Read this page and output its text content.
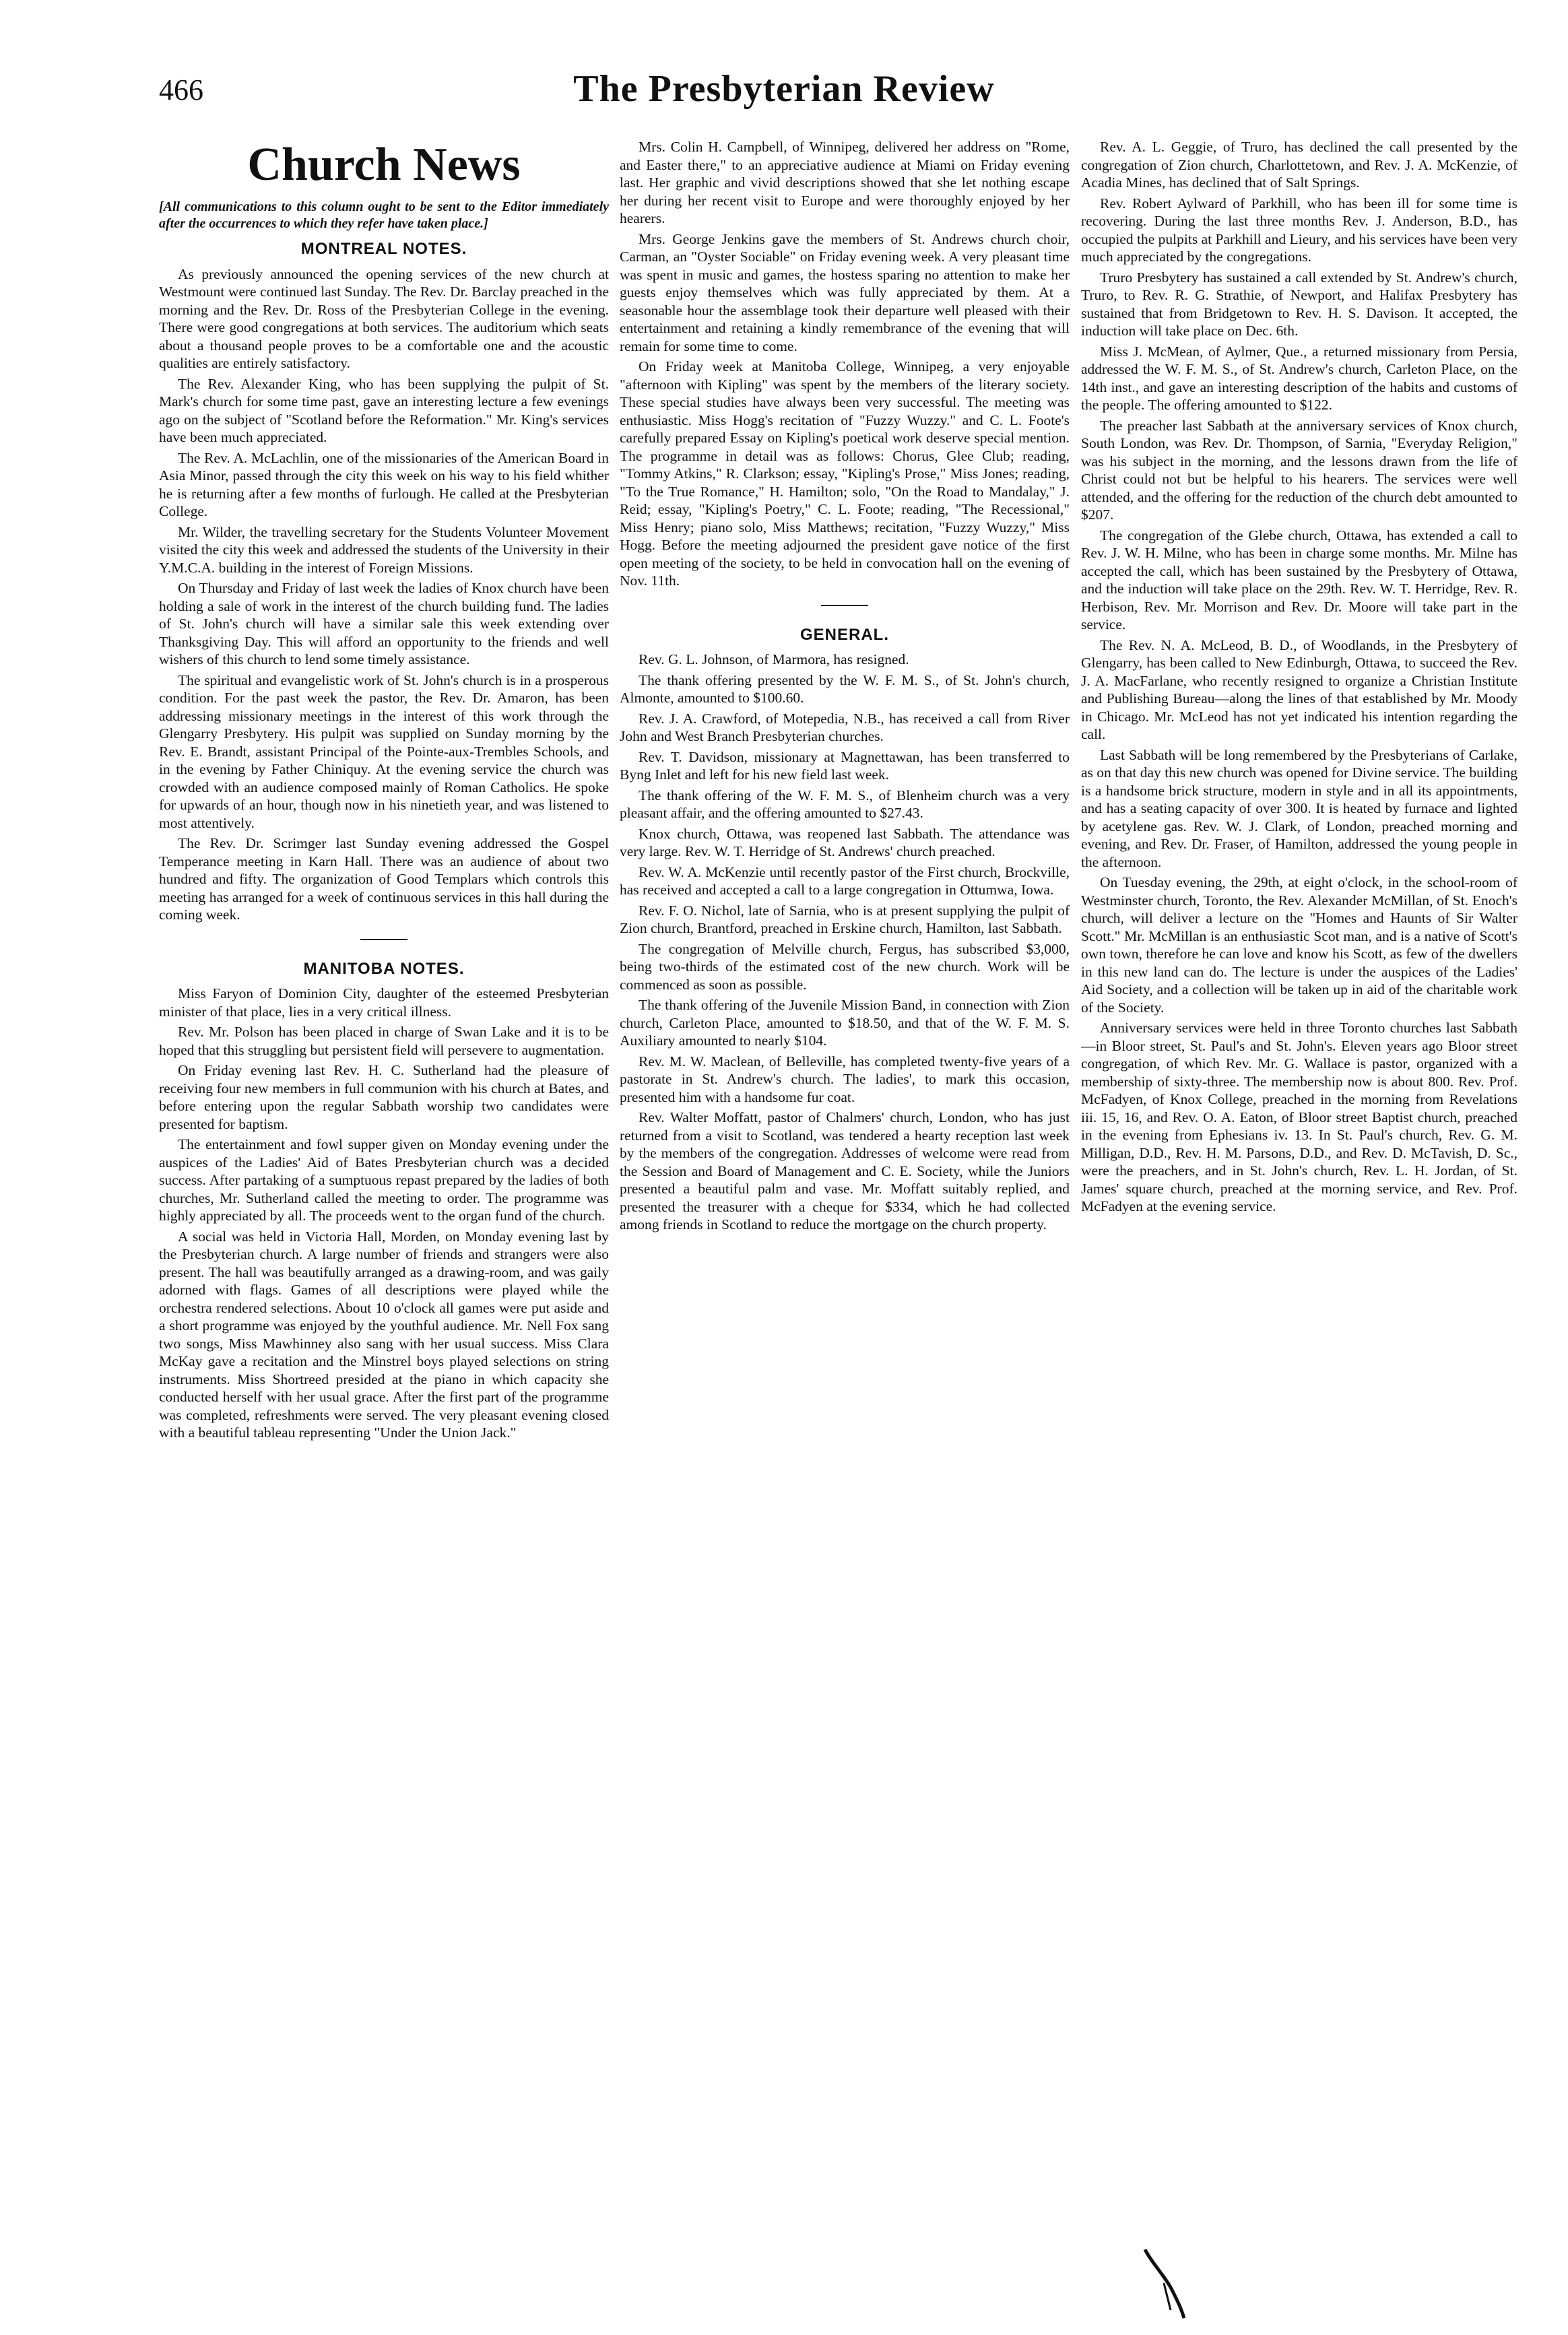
466	The Presbyterian Review
Church News
[All communications to this column ought to be sent to the Editor immediately after the occurrences to which they refer have taken place.]
MONTREAL NOTES.

As previously announced the opening services of the new church at Westmount were continued last Sunday. The Rev. Dr. Barclay preached in the morning and the Rev. Dr. Ross of the Presbyterian College in the evening. There were good congregations at both services. The auditorium which seats about a thousand people proves to be a comfortable one and the acoustic qualities are entirely satisfactory.

The Rev. Alexander King, who has been supplying the pulpit of St. Mark's church for some time past, gave an interesting lecture a few evenings ago on the subject of "Scotland before the Reformation." Mr. King's services have been much appreciated.

The Rev. A. McLachlin, one of the missionaries of the American Board in Asia Minor, passed through the city this week on his way to his field whither he is returning after a few months of furlough. He called at the Presbyterian College.

Mr. Wilder, the travelling secretary for the Students Volunteer Movement visited the city this week and addressed the students of the University in their Y.M.C.A. building in the interest of Foreign Missions.

On Thursday and Friday of last week the ladies of Knox church have been holding a sale of work in the interest of the church building fund. The ladies of St. John's church will have a similar sale this week extending over Thanksgiving Day. This will afford an opportunity to the friends and well wishers of this church to lend some timely assistance.

The spiritual and evangelistic work of St. John's church is in a prosperous condition. For the past week the pastor, the Rev. Dr. Amaron, has been addressing missionary meetings in the interest of this work through the Glengarry Presbytery. His pulpit was supplied on Sunday morning by the Rev. E. Brandt, assistant Principal of the Pointe-aux-Trembles Schools, and in the evening by Father Chiniquy. At the evening service the church was crowded with an audience composed mainly of Roman Catholics. He spoke for upwards of an hour, though now in his ninetieth year, and was listened to most attentively.

The Rev. Dr. Scrimger last Sunday evening addressed the Gospel Temperance meeting in Karn Hall. There was an audience of about two hundred and fifty. The organization of Good Templars which controls this meeting has arranged for a week of continuous services in this hall during the coming week.

MANITOBA NOTES.

Miss Faryon of Dominion City, daughter of the esteemed Presbyterian minister of that place, lies in a very critical illness.

Rev. Mr. Polson has been placed in charge of Swan Lake and it is to be hoped that this struggling but persistent field will persevere to augmentation.

On Friday evening last Rev. H. C. Sutherland had the pleasure of receiving four new members in full communion with his church at Bates, and before entering upon the regular Sabbath worship two candidates were presented for baptism.

The entertainment and fowl supper given on Monday evening under the auspices of the Ladies' Aid of Bates Presbyterian church was a decided success. After partaking of a sumptuous repast prepared by the ladies of both churches, Mr. Sutherland called the meeting to order. The programme was highly appreciated by all. The proceeds went to the organ fund of the church.

A social was held in Victoria Hall, Morden, on Monday evening last by the Presbyterian church. A large number of friends and strangers were also present. The hall was beautifully arranged as a drawing-room, and was gaily adorned with flags. Games of all descriptions were played while the orchestra rendered selections. About 10 o'clock all games were put aside and a short programme was enjoyed by the youthful audience. Mr. Nell Fox sang two songs, Miss Mawhinney also sang with her usual success. Miss Clara McKay gave a recitation and the Minstrel boys played selections on string instruments. Miss Shortreed presided at the piano in which capacity she conducted herself with her usual grace. After the first part of the programme was completed, refreshments were served. The very pleasant evening closed with a beautiful tableau representing "Under the Union Jack."

Mrs. Colin H. Campbell, of Winnipeg, delivered her address on "Rome, and Easter there," to an appreciative audience at Miami on Friday evening last. Her graphic and vivid descriptions showed that she let nothing escape her during her recent visit to Europe and were thoroughly enjoyed by her hearers.

Mrs. George Jenkins gave the members of St. Andrews church choir, Carman, an "Oyster Sociable" on Friday evening week. A very pleasant time was spent in music and games, the hostess sparing no attention to make her guests enjoy themselves which was fully appreciated by them. At a seasonable hour the assemblage took their departure well pleased with their entertainment and retaining a kindly remembrance of the evening that will remain for some time to come.

On Friday week at Manitoba College, Winnipeg, a very enjoyable "afternoon with Kipling" was spent by the members of the literary society. These special studies have always been very successful. The meeting was enthusiastic. Miss Hogg's recitation of "Fuzzy Wuzzy." and C. L. Foote's carefully prepared Essay on Kipling's poetical work deserve special mention. The programme in detail was as follows: Chorus, Glee Club; reading, "Tommy Atkins," R. Clarkson; essay, "Kipling's Prose," Miss Jones; reading, "To the True Romance," H. Hamilton; solo, "On the Road to Mandalay," J. Reid; essay, "Kipling's Poetry," C. L. Foote; reading, "The Recessional," Miss Henry; piano solo, Miss Matthews; recitation, "Fuzzy Wuzzy," Miss Hogg. Before the meeting adjourned the president gave notice of the first open meeting of the society, to be held in convocation hall on the evening of Nov. 11th.

GENERAL.

Rev. G. L. Johnson, of Marmora, has resigned.

The thank offering presented by the W. F. M. S., of St. John's church, Almonte, amounted to $100.60.

Rev. J. A. Crawford, of Motepedia, N.B., has received a call from River John and West Branch Presbyterian churches.

Rev. T. Davidson, missionary at Magnettawan, has been transferred to Byng Inlet and left for his new field last week.

The thank offering of the W. F. M. S., of Blenheim church was a very pleasant affair, and the offering amounted to $27.43.

Knox church, Ottawa, was reopened last Sabbath. The attendance was very large. Rev. W. T. Herridge of St. Andrews' church preached.

Rev. W. A. McKenzie until recently pastor of the First church, Brockville, has received and accepted a call to a large congregation in Ottumwa, Iowa.

Rev. F. O. Nichol, late of Sarnia, who is at present supplying the pulpit of Zion church, Brantford, preached in Erskine church, Hamilton, last Sabbath.

The congregation of Melville church, Fergus, has subscribed $3,000, being two-thirds of the estimated cost of the new church. Work will be commenced as soon as possible.

The thank offering of the Juvenile Mission Band, in connection with Zion church, Carleton Place, amounted to $18.50, and that of the W. F. M. S. Auxiliary amounted to nearly $104.

Rev. M. W. Maclean, of Belleville, has completed twenty-five years of a pastorate in St. Andrew's church. The ladies', to mark this occasion, presented him with a handsome fur coat.

Rev. Walter Moffatt, pastor of Chalmers' church, London, who has just returned from a visit to Scotland, was tendered a hearty reception last week by the members of the congregation. Addresses of welcome were read from the Session and Board of Management and C. E. Society, while the Juniors presented a beautiful palm and vase. Mr. Moffatt suitably replied, and presented the treasurer with a cheque for $334, which he had collected among friends in Scotland to reduce the mortgage on the church property.

Rev. A. L. Geggie, of Truro, has declined the call presented by the congregation of Zion church, Charlottetown, and Rev. J. A. McKenzie, of Acadia Mines, has declined that of Salt Springs.

Rev. Robert Aylward of Parkhill, who has been ill for some time is recovering. During the last three months Rev. J. Anderson, B.D., has occupied the pulpits at Parkhill and Lieury, and his services have been very much appreciated by the congregations.

Truro Presbytery has sustained a call extended by St. Andrew's church, Truro, to Rev. R. G. Strathie, of Newport, and Halifax Presbytery has sustained that from Bridgetown to Rev. H. S. Davison. It accepted, the induction will take place on Dec. 6th.

Miss J. McMean, of Aylmer, Que., a returned missionary from Persia, addressed the W. F. M. S., of St. Andrew's church, Carleton Place, on the 14th inst., and gave an interesting description of the habits and customs of the people. The offering amounted to $122.

The preacher last Sabbath at the anniversary services of Knox church, South London, was Rev. Dr. Thompson, of Sarnia, "Everyday Religion," was his subject in the morning, and the lessons drawn from the life of Christ could not but be helpful to his hearers. The services were well attended, and the offering for the reduction of the church debt amounted to $207.

The congregation of the Glebe church, Ottawa, has extended a call to Rev. J. W. H. Milne, who has been in charge some months. Mr. Milne has accepted the call, which has been sustained by the Presbytery of Ottawa, and the induction will take place on the 29th. Rev. W. T. Herridge, Rev. R. Herbison, Rev. Mr. Morrison and Rev. Dr. Moore will take part in the service.

The Rev. N. A. McLeod, B. D., of Woodlands, in the Presbytery of Glengarry, has been called to New Edinburgh, Ottawa, to succeed the Rev. J. A. MacFarlane, who recently resigned to organize a Christian Institute and Publishing Bureau—along the lines of that established by Mr. Moody in Chicago. Mr. McLeod has not yet indicated his intention regarding the call.

Last Sabbath will be long remembered by the Presbyterians of Carlake, as on that day this new church was opened for Divine service. The building is a handsome brick structure, modern in style and in all its appointments, and has a seating capacity of over 300. It is heated by furnace and lighted by acetylene gas. Rev. W. J. Clark, of London, preached morning and evening, and Rev. Dr. Fraser, of Hamilton, addressed the young people in the afternoon.

On Tuesday evening, the 29th, at eight o'clock, in the school-room of Westminster church, Toronto, the Rev. Alexander McMillan, of St. Enoch's church, will deliver a lecture on the "Homes and Haunts of Sir Walter Scott." Mr. McMillan is an enthusiastic Scot man, and is a native of Scott's own town, therefore he can love and know his Scott, as few of the dwellers in this new land can do. The lecture is under the auspices of the Ladies' Aid Society, and a collection will be taken up in aid of the charitable work of the Society.

Anniversary services were held in three Toronto churches last Sabbath—in Bloor street, St. Paul's and St. John's. Eleven years ago Bloor street congregation, of which Rev. Mr. G. Wallace is pastor, organized with a membership of sixty-three. The membership now is about 800. Rev. Prof. McFadyen, of Knox College, preached in the morning from Revelations iii. 15, 16, and Rev. O. A. Eaton, of Bloor street Baptist church, preached in the evening from Ephesians iv. 13. In St. Paul's church, Rev. G. M. Milligan, D.D., Rev. H. M. Parsons, D.D., and Rev. D. McTavish, D. Sc., were the preachers, and in St. John's church, Rev. L. H. Jordan, of St. James' square church, preached at the morning service, and Rev. Prof. McFadyen at the evening service.
